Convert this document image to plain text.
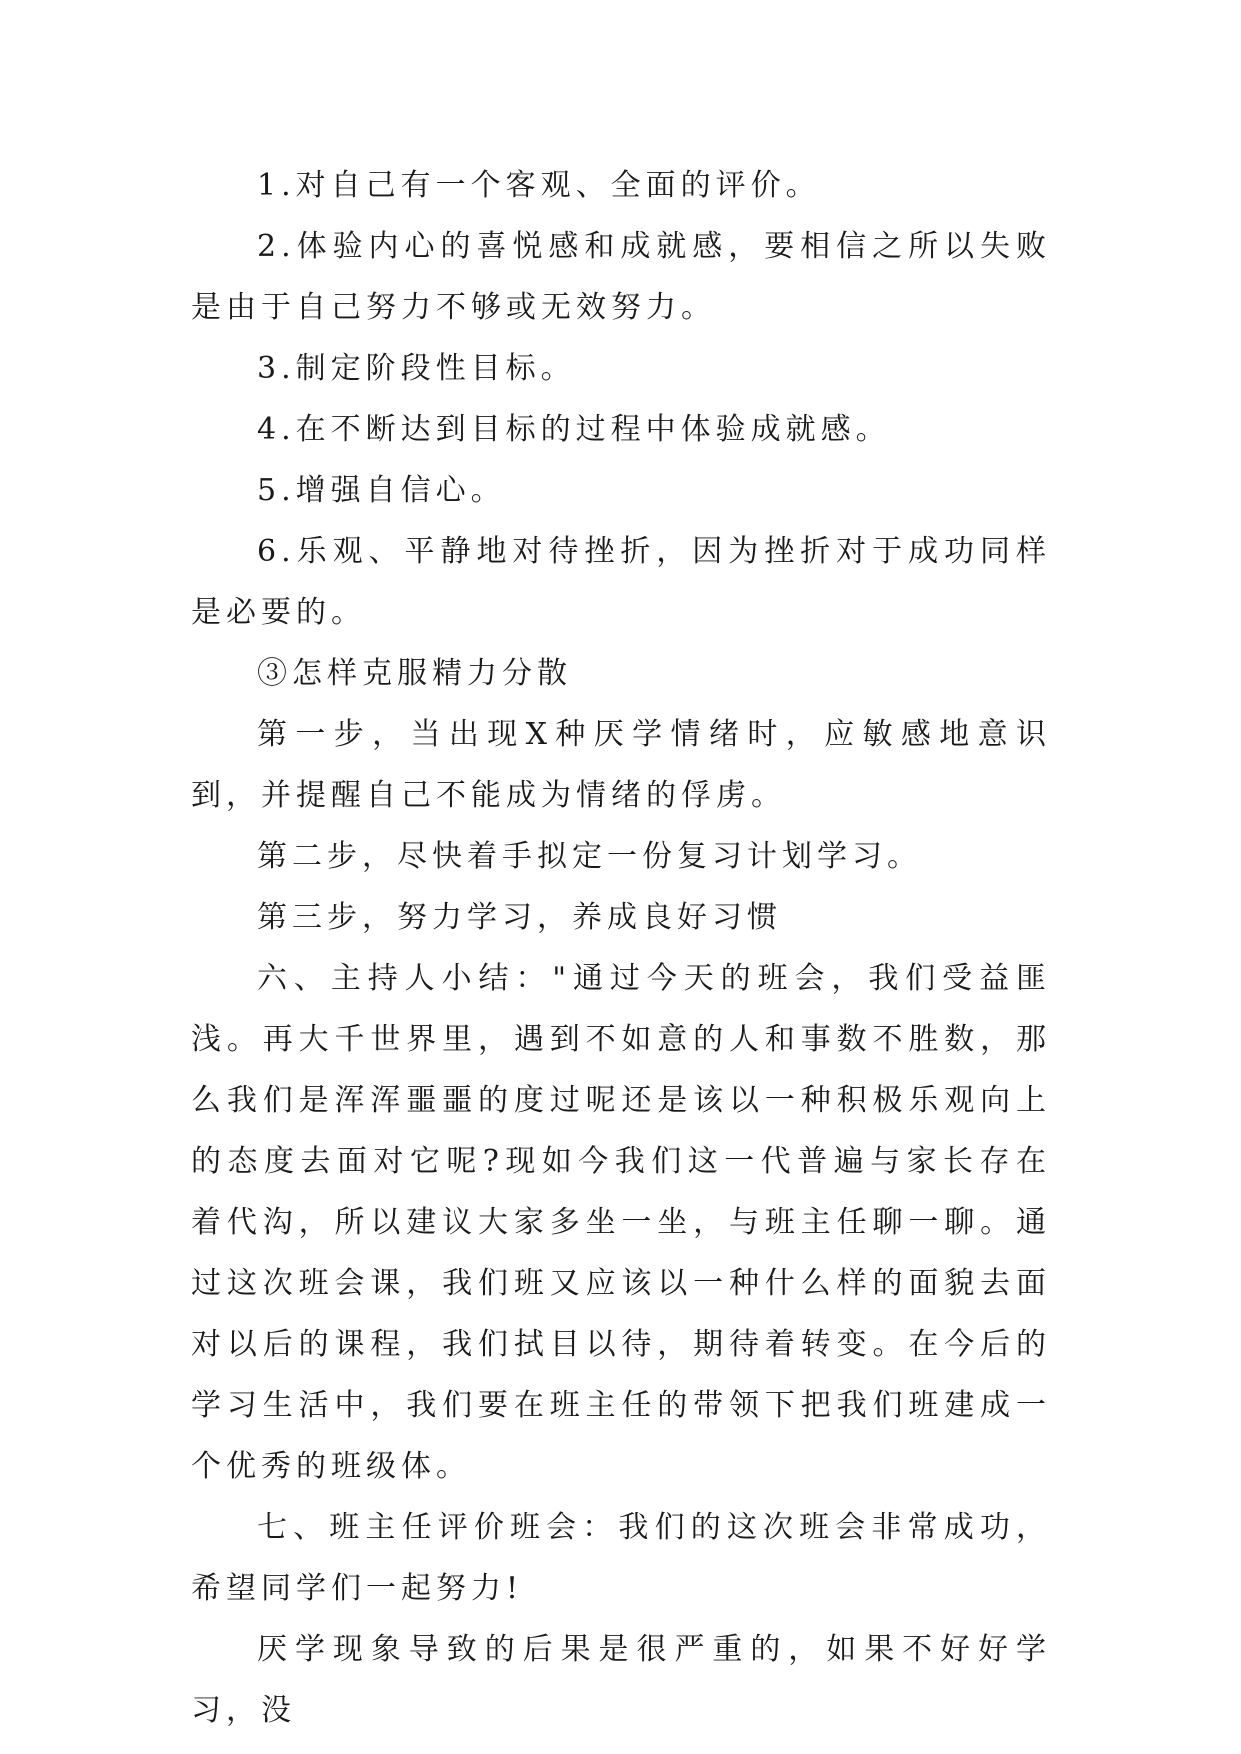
1.对自己有一个客观、全面的评价。

2.体验内心的喜悦感和成就感，要相信之所以失败是由于自己努力不够或无效努力。

3.制定阶段性目标。

4.在不断达到目标的过程中体验成就感。

5.增强自信心。

6.乐观、平静地对待挫折，因为挫折对于成功同样是必要的。

③怎样克服精力分散

第一步，当出现X种厌学情绪时，应敏感地意识到，并提醒自己不能成为情绪的俘虏。

第二步，尽快着手拟定一份复习计划学习。

第三步，努力学习，养成良好习惯

六、主持人小结："通过今天的班会，我们受益匪浅。再大千世界里，遇到不如意的人和事数不胜数，那么我们是浑浑噩噩的度过呢还是该以一种积极乐观向上的态度去面对它呢?现如今我们这一代普遍与家长存在着代沟，所以建议大家多坐一坐，与班主任聊一聊。通过这次班会课，我们班又应该以一种什么样的面貌去面对以后的课程，我们拭目以待，期待着转变。在今后的学习生活中，我们要在班主任的带领下把我们班建成一个优秀的班级体。

七、班主任评价班会：我们的这次班会非常成功，希望同学们一起努力!

厌学现象导致的后果是很严重的，如果不好好学习，没
